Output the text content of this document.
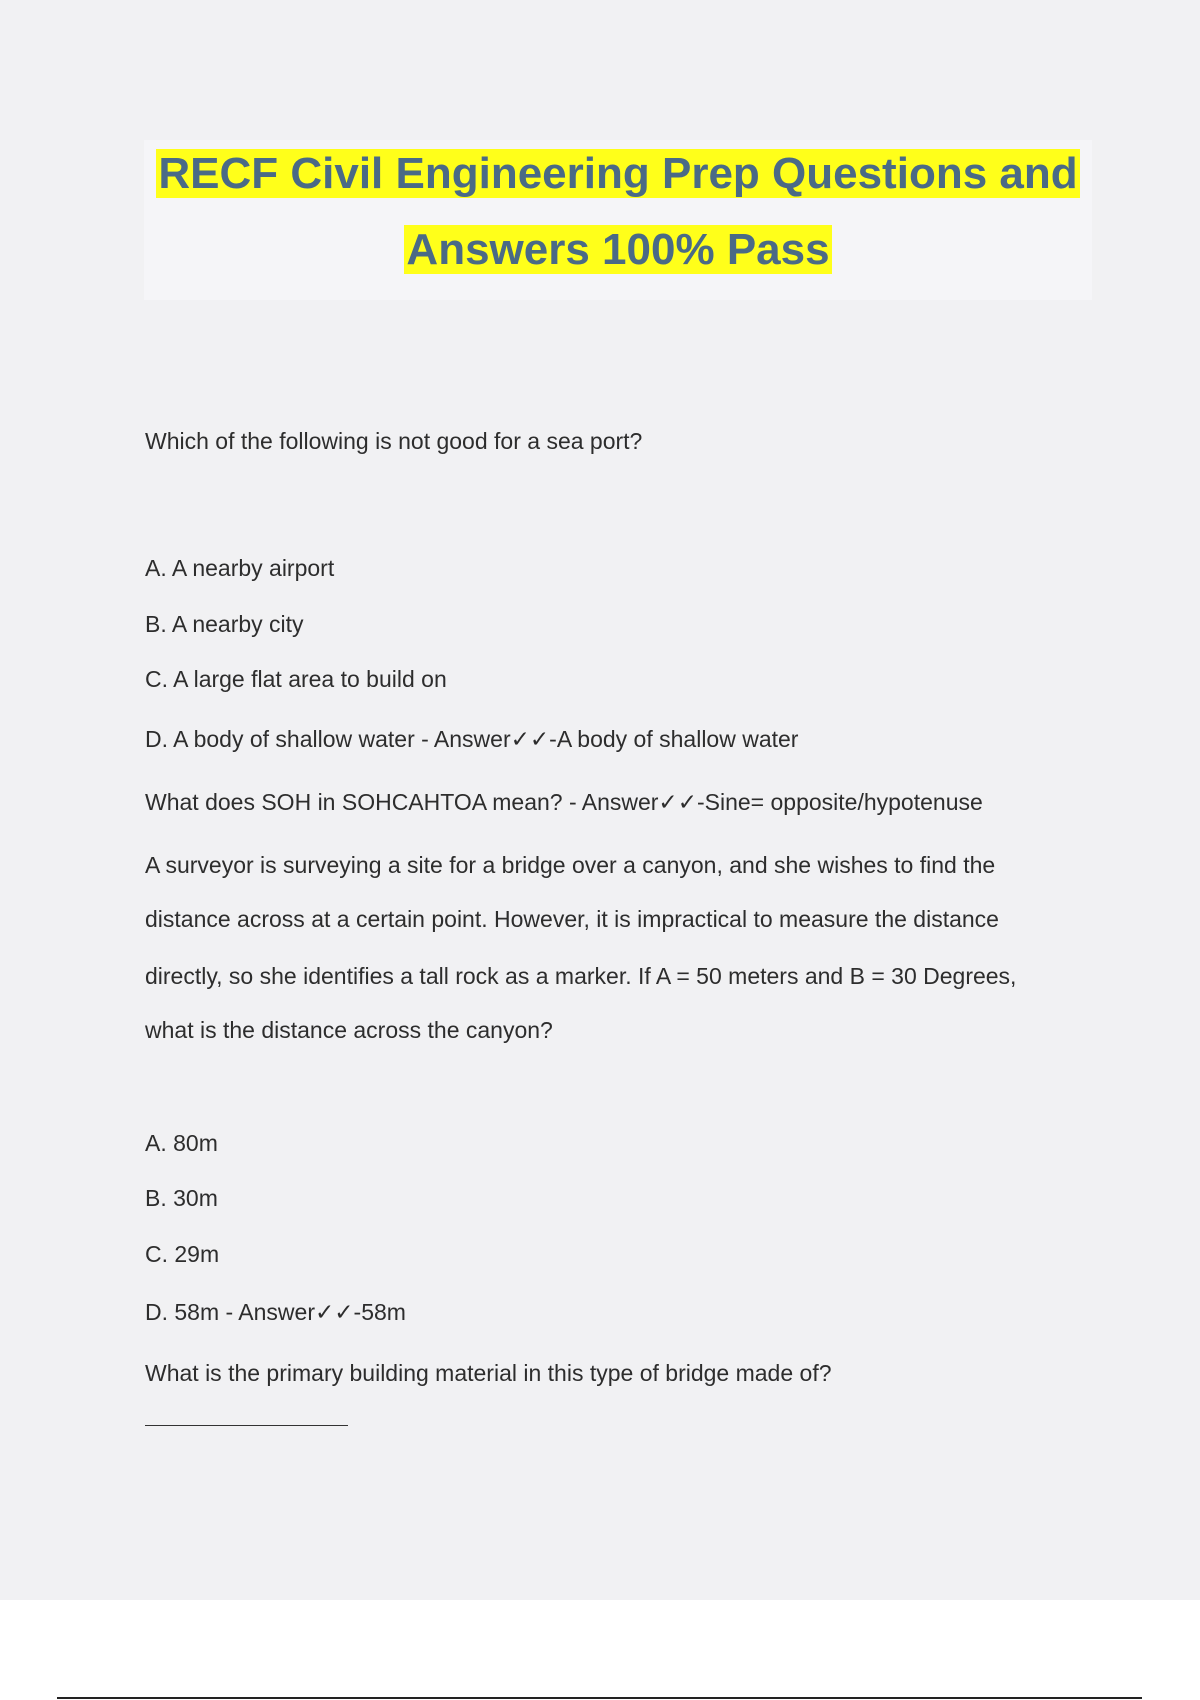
RECF Civil Engineering Prep Questions and
Answers 100% Pass
Which of the following is not good for a sea port?
A. A nearby airport
B. A nearby city
C. A large flat area to build on
D. A body of shallow water - Answer✓✓-A body of shallow water
What does SOH in SOHCAHTOA mean? - Answer✓✓-Sine= opposite/hypotenuse
A surveyor is surveying a site for a bridge over a canyon, and she wishes to find the
distance across at a certain point. However, it is impractical to measure the distance
directly, so she identifies a tall rock as a marker. If A = 50 meters and B = 30 Degrees,
what is the distance across the canyon?
A. 80m
B. 30m
C. 29m
D. 58m - Answer✓✓-58m
What is the primary building material in this type of bridge made of?
